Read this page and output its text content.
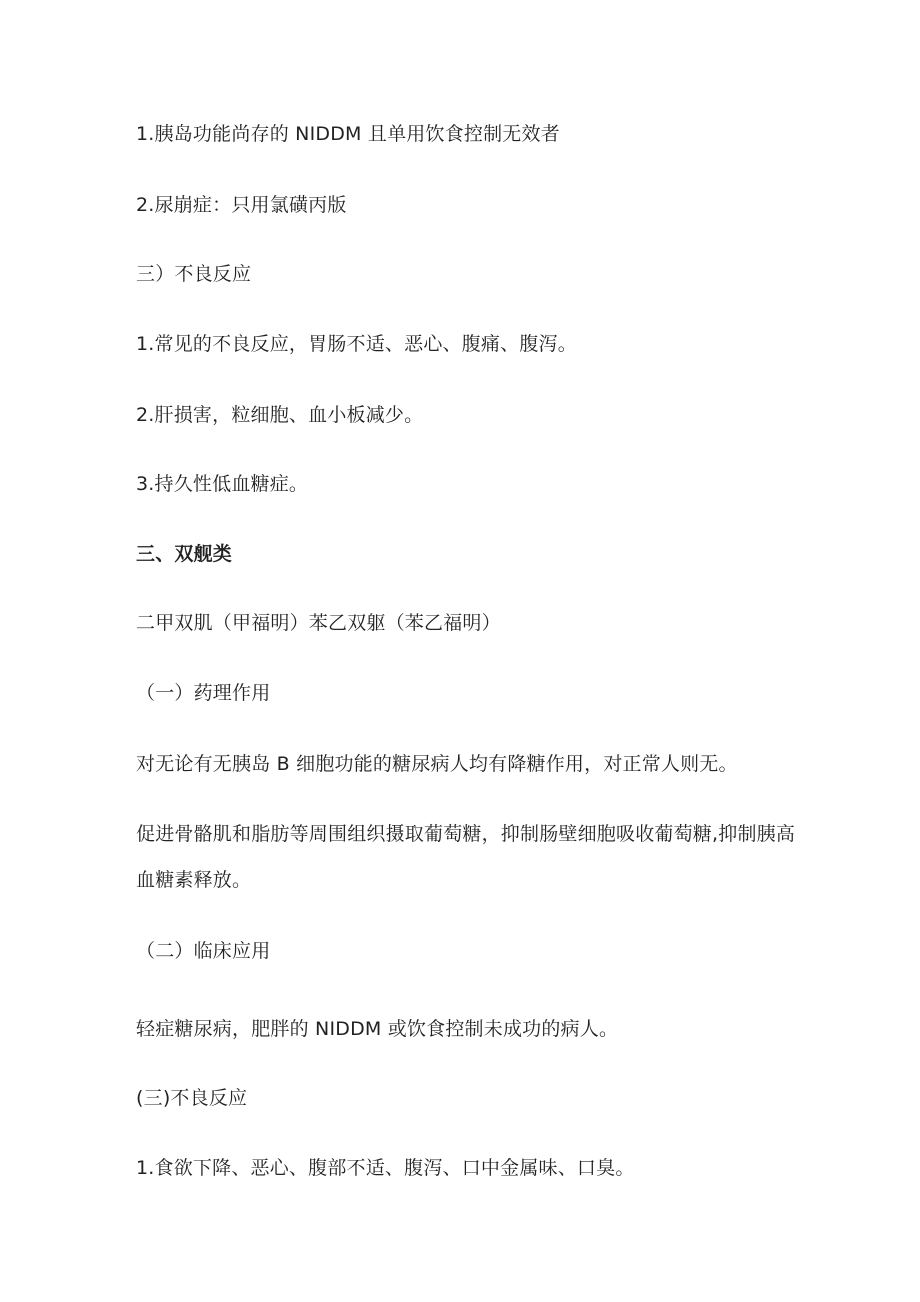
1.胰岛功能尚存的 NIDDM 且单用饮食控制无效者
2.尿崩症：只用氯磺丙版
三）不良反应
1.常见的不良反应，胃肠不适、恶心、腹痛、腹泻。
2.肝损害，粒细胞、血小板减少。
3.持久性低血糖症。
三、双舰类
二甲双肌（甲福明）苯乙双躯（苯乙福明）
（一）药理作用
对无论有无胰岛 B 细胞功能的糖尿病人均有降糖作用，对正常人则无。
促进骨骼肌和脂肪等周围组织摄取葡萄糖，抑制肠壁细胞吸收葡萄糖,抑制胰高血糖素释放。
（二）临床应用
轻症糖尿病，肥胖的 NIDDM 或饮食控制未成功的病人。
(三)不良反应
1.食欲下降、恶心、腹部不适、腹泻、口中金属味、口臭。
